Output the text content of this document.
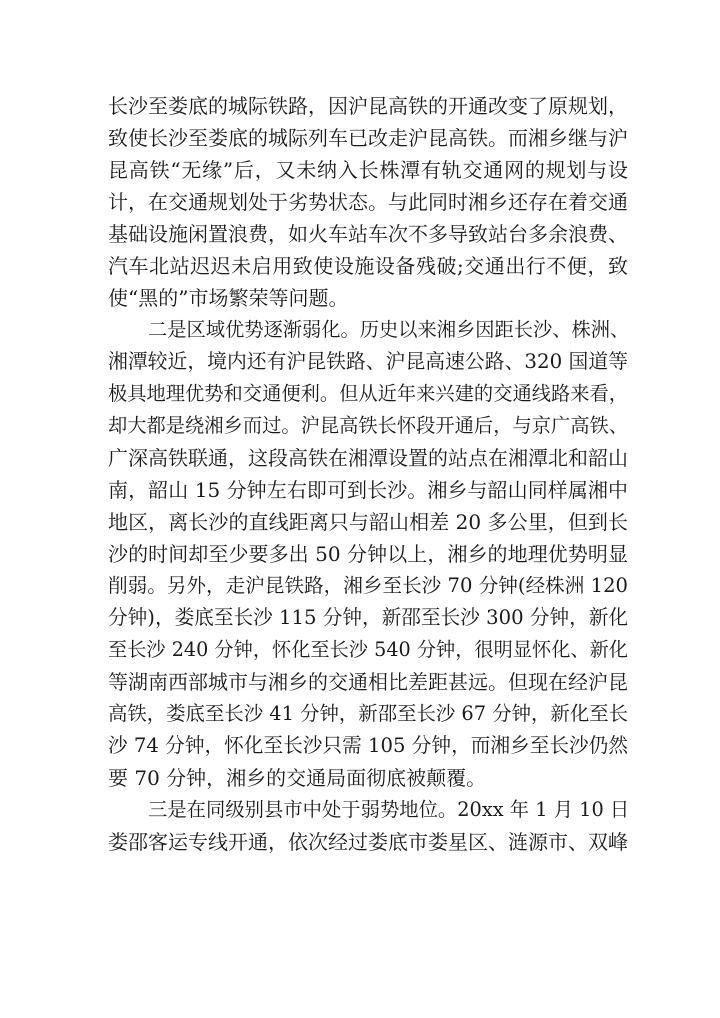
长沙至娄底的城际铁路，因沪昆高铁的开通改变了原规划，
致使长沙至娄底的城际列车已改走沪昆高铁。而湘乡继与沪
昆高铁“无缘”后，又未纳入长株潭有轨交通网的规划与设
计，在交通规划处于劣势状态。与此同时湘乡还存在着交通
基础设施闲置浪费，如火车站车次不多导致站台多余浪费、
汽车北站迟迟未启用致使设施设备残破;交通出行不便，致
使“黑的”市场繁荣等问题。
二是区域优势逐渐弱化。历史以来湘乡因距长沙、株洲、
湘潭较近，境内还有沪昆铁路、沪昆高速公路、320 国道等
极具地理优势和交通便利。但从近年来兴建的交通线路来看，
却大都是绕湘乡而过。沪昆高铁长怀段开通后，与京广高铁、
广深高铁联通，这段高铁在湘潭设置的站点在湘潭北和韶山
南，韶山 15 分钟左右即可到长沙。湘乡与韶山同样属湘中
地区，离长沙的直线距离只与韶山相差 20 多公里，但到长
沙的时间却至少要多出 50 分钟以上，湘乡的地理优势明显
削弱。另外，走沪昆铁路，湘乡至长沙 70 分钟(经株洲 120
分钟)，娄底至长沙 115 分钟，新邵至长沙 300 分钟，新化
至长沙 240 分钟，怀化至长沙 540 分钟，很明显怀化、新化
等湖南西部城市与湘乡的交通相比差距甚远。但现在经沪昆
高铁，娄底至长沙 41 分钟，新邵至长沙 67 分钟，新化至长
沙 74 分钟，怀化至长沙只需 105 分钟，而湘乡至长沙仍然
要 70 分钟，湘乡的交通局面彻底被颠覆。
三是在同级别县市中处于弱势地位。20xx 年 1 月 10 日
娄邵客运专线开通，依次经过娄底市娄星区、涟源市、双峰
